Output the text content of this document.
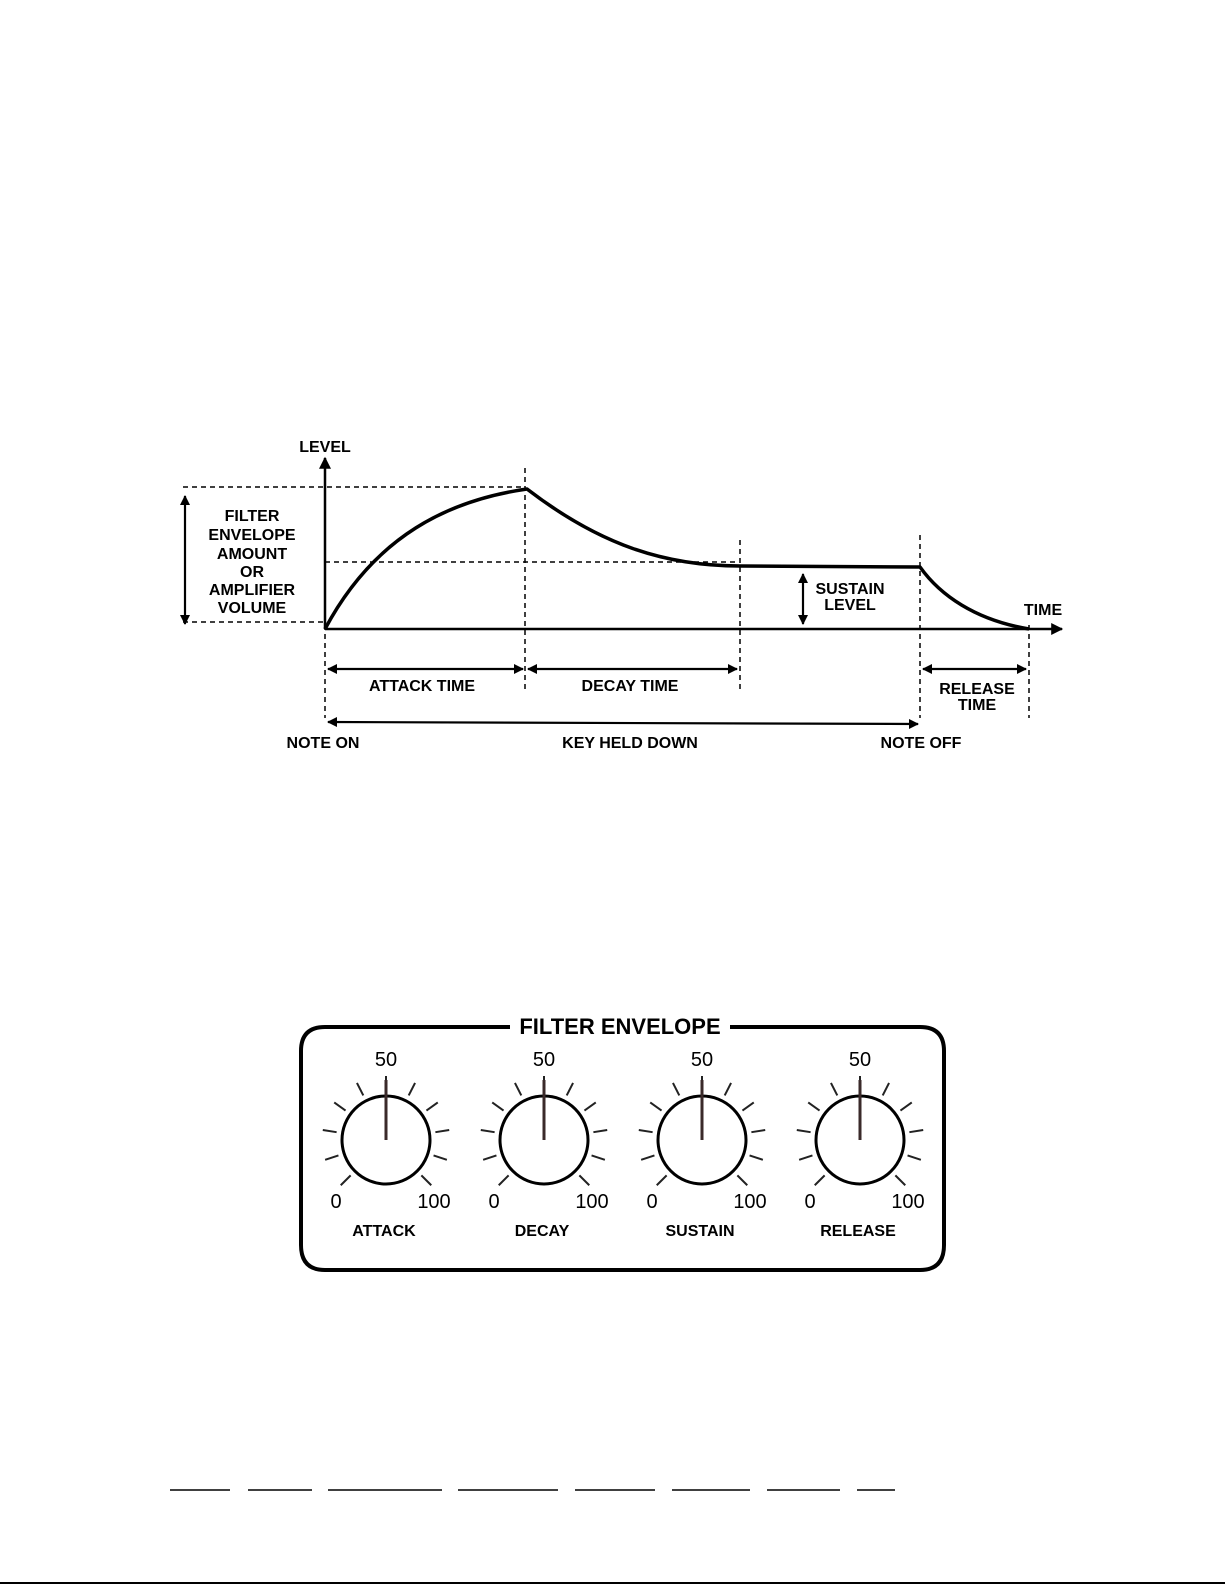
LEVEL
TIME
FILTER
ENVELOPE
AMOUNT
OR
AMPLIFIER
VOLUME
SUSTAIN
LEVEL
ATTACK TIME	DECAY TIME	RELEASE
TIME
NOTE ON	KEY HELD DOWN	NOTE OFF
FILTER ENVELOPE
50
0	100
ATTACK
50
0	100
DECAY
50
0	100
SUSTAIN
50
0	100
RELEASE
